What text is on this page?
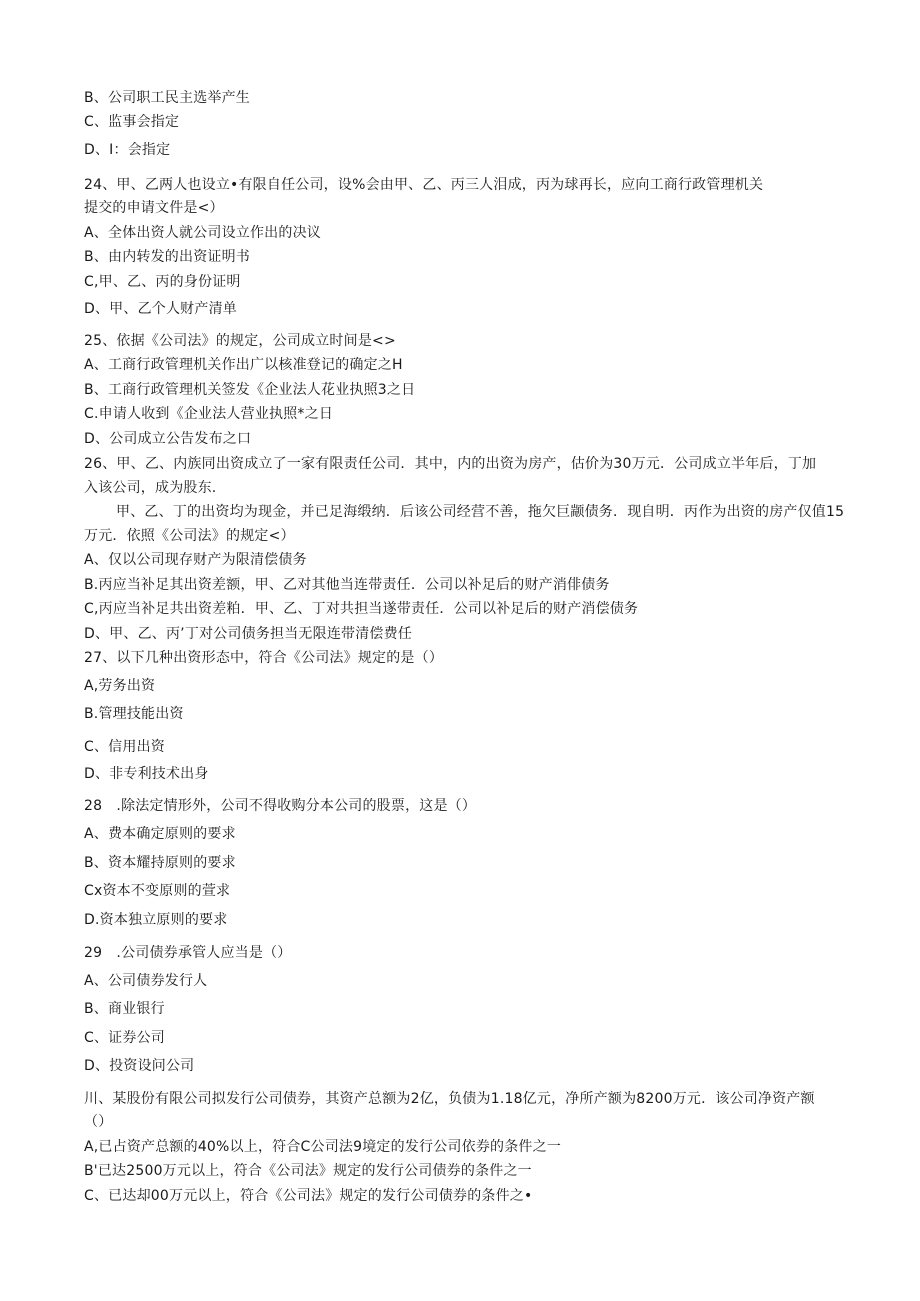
B、公司职工民主选举产生
C、监事会指定
D、I：会指定
24、甲、乙两人也设立•有限自任公司，设%会由甲、乙、丙三人泪成，丙为球再长，应向工商行政管理机关
提交的申请文件是<）
A、全体出资人就公司设立作出的决议
B、由内转发的出资证明书
C,甲、乙、丙的身份证明
D、甲、乙个人财产清单
25、依据《公司法》的规定，公司成立时间是<>
A、工商行政管理机关作出广以核准登记的确定之H
B、工商行政管理机关签发《企业法人花业执照3之日
C.申请人收到《企业法人营业执照*之日
D、公司成立公告发布之口
26、甲、乙、内族同出资成立了一家有限责任公司．其中，内的出资为房产，估价为30万元．公司成立半年后，丁加
入该公司，成为股东.
甲、乙、丁的出资均为现金，并已足海缎纳．后该公司经营不善，拖欠巨颛债务．现自明．丙作为出资的房产仅值15
万元．依照《公司法》的规定<）
A、仅以公司现存财产为限清偿债务
B.丙应当补足其出资差额，甲、乙对其他当连带责任．公司以补足后的财产消俳债务
C,丙应当补足共出资差粕．甲、乙、丁对共担当遂带责任．公司以补足后的财产消偿债务
D、甲、乙、丙’丁对公司债务担当无限连带清偿费任
27、以下几种出资形态中，符合《公司法》规定的是（）
A,劳务出资
B.管理技能出资
C、信用出资
D、非专利技术出身
28　.除法定情形外，公司不得收购分本公司的股票，这是（）
A、费本确定原则的要求
B、资本耀持原则的要求
Cx资本不变原则的萱求
D.资本独立原则的要求
29　.公司债券承管人应当是（）
A、公司债券发行人
B、商业银行
C、证券公司
D、投资设问公司
川、某股份有限公司拟发行公司债券，其资产总额为2亿，负债为1.18亿元，净所产额为8200万元．该公司净资产额
（）
A,已占资产总额的40%以上，符合C公司法9境定的发行公司依券的条件之一
B'已达2500万元以上，符合《公司法》规定的发行公司债券的条件之一
C、已达却00万元以上，符合《公司法》规定的发行公司债券的条件之•
